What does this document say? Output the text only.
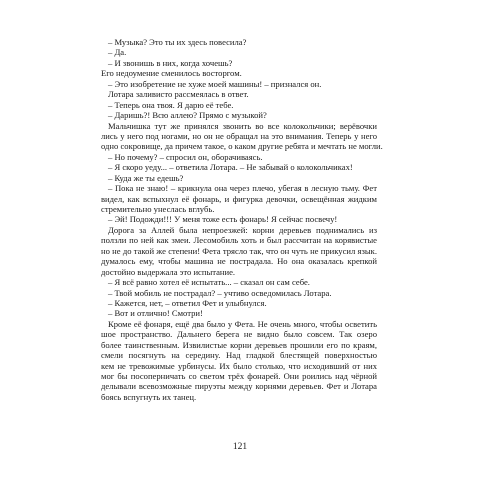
– Музыка? Это ты их здесь повесила?
– Да.
– И звонишь в них, когда хочешь?
Его недоумение сменилось восторгом.
– Это изобретение не хуже моей машины! – признался он.
Лотара заливисто рассмеялась в ответ.
– Теперь она твоя. Я дарю её тебе.
– Даришь?! Всю аллею? Прямо с музыкой?
Мальчишка тут же принялся звонить во все колокольчики; верёвочки
лись у него под ногами, но он не обращал на это внимания. Теперь у него
одно сокровище, да причем такое, о каком другие ребята и мечтать не могли.
– Но почему? – спросил он, оборачиваясь.
– Я скоро уеду... – ответила Лотара. – Не забывай о колокольчиках!
– Куда же ты едешь?
– Пока не знаю! – крикнула она через плечо, убегая в лесную тьму. Фет
видел, как вспыхнул её фонарь, и фигурка девочки, освещённая жидким
стремительно унеслась вглубь.
– Эй! Подожди!!! У меня тоже есть фонарь! Я сейчас посвечу!
Дорога за Аллей была непроезжей: корни деревьев поднимались из
ползли по ней как змеи. Лесомобиль хоть и был рассчитан на корявистые
но не до такой же степени! Фета трясло так, что он чуть не прикусил язык.
думалось ему, чтобы машина не пострадала. Но она оказалась крепкой
достойно выдержала это испытание.
– Я всё равно хотел её испытать... – сказал он сам себе.
– Твой мобиль не пострадал? – учтиво осведомилась Лотара.
– Кажется, нет, – ответил Фет и улыбнулся.
– Вот и отлично! Смотри!
Кроме её фонаря, ещё два было у Фета. Не очень много, чтобы осветить
шое пространство. Дальнего берега не видно было совсем. Так озеро
более таинственным. Извилистые корни деревьев прошили его по краям,
смели посягнуть на середину. Над гладкой блестящей поверхностью
кем не тревожимые урбинусы. Их было столько, что исходивший от них
мог бы посоперничать со светом трёх фонарей. Они роились над чёрной
делывали всевозможные пируэты между корнями деревьев. Фет и Лотара
боясь вспугнуть их танец.
121
